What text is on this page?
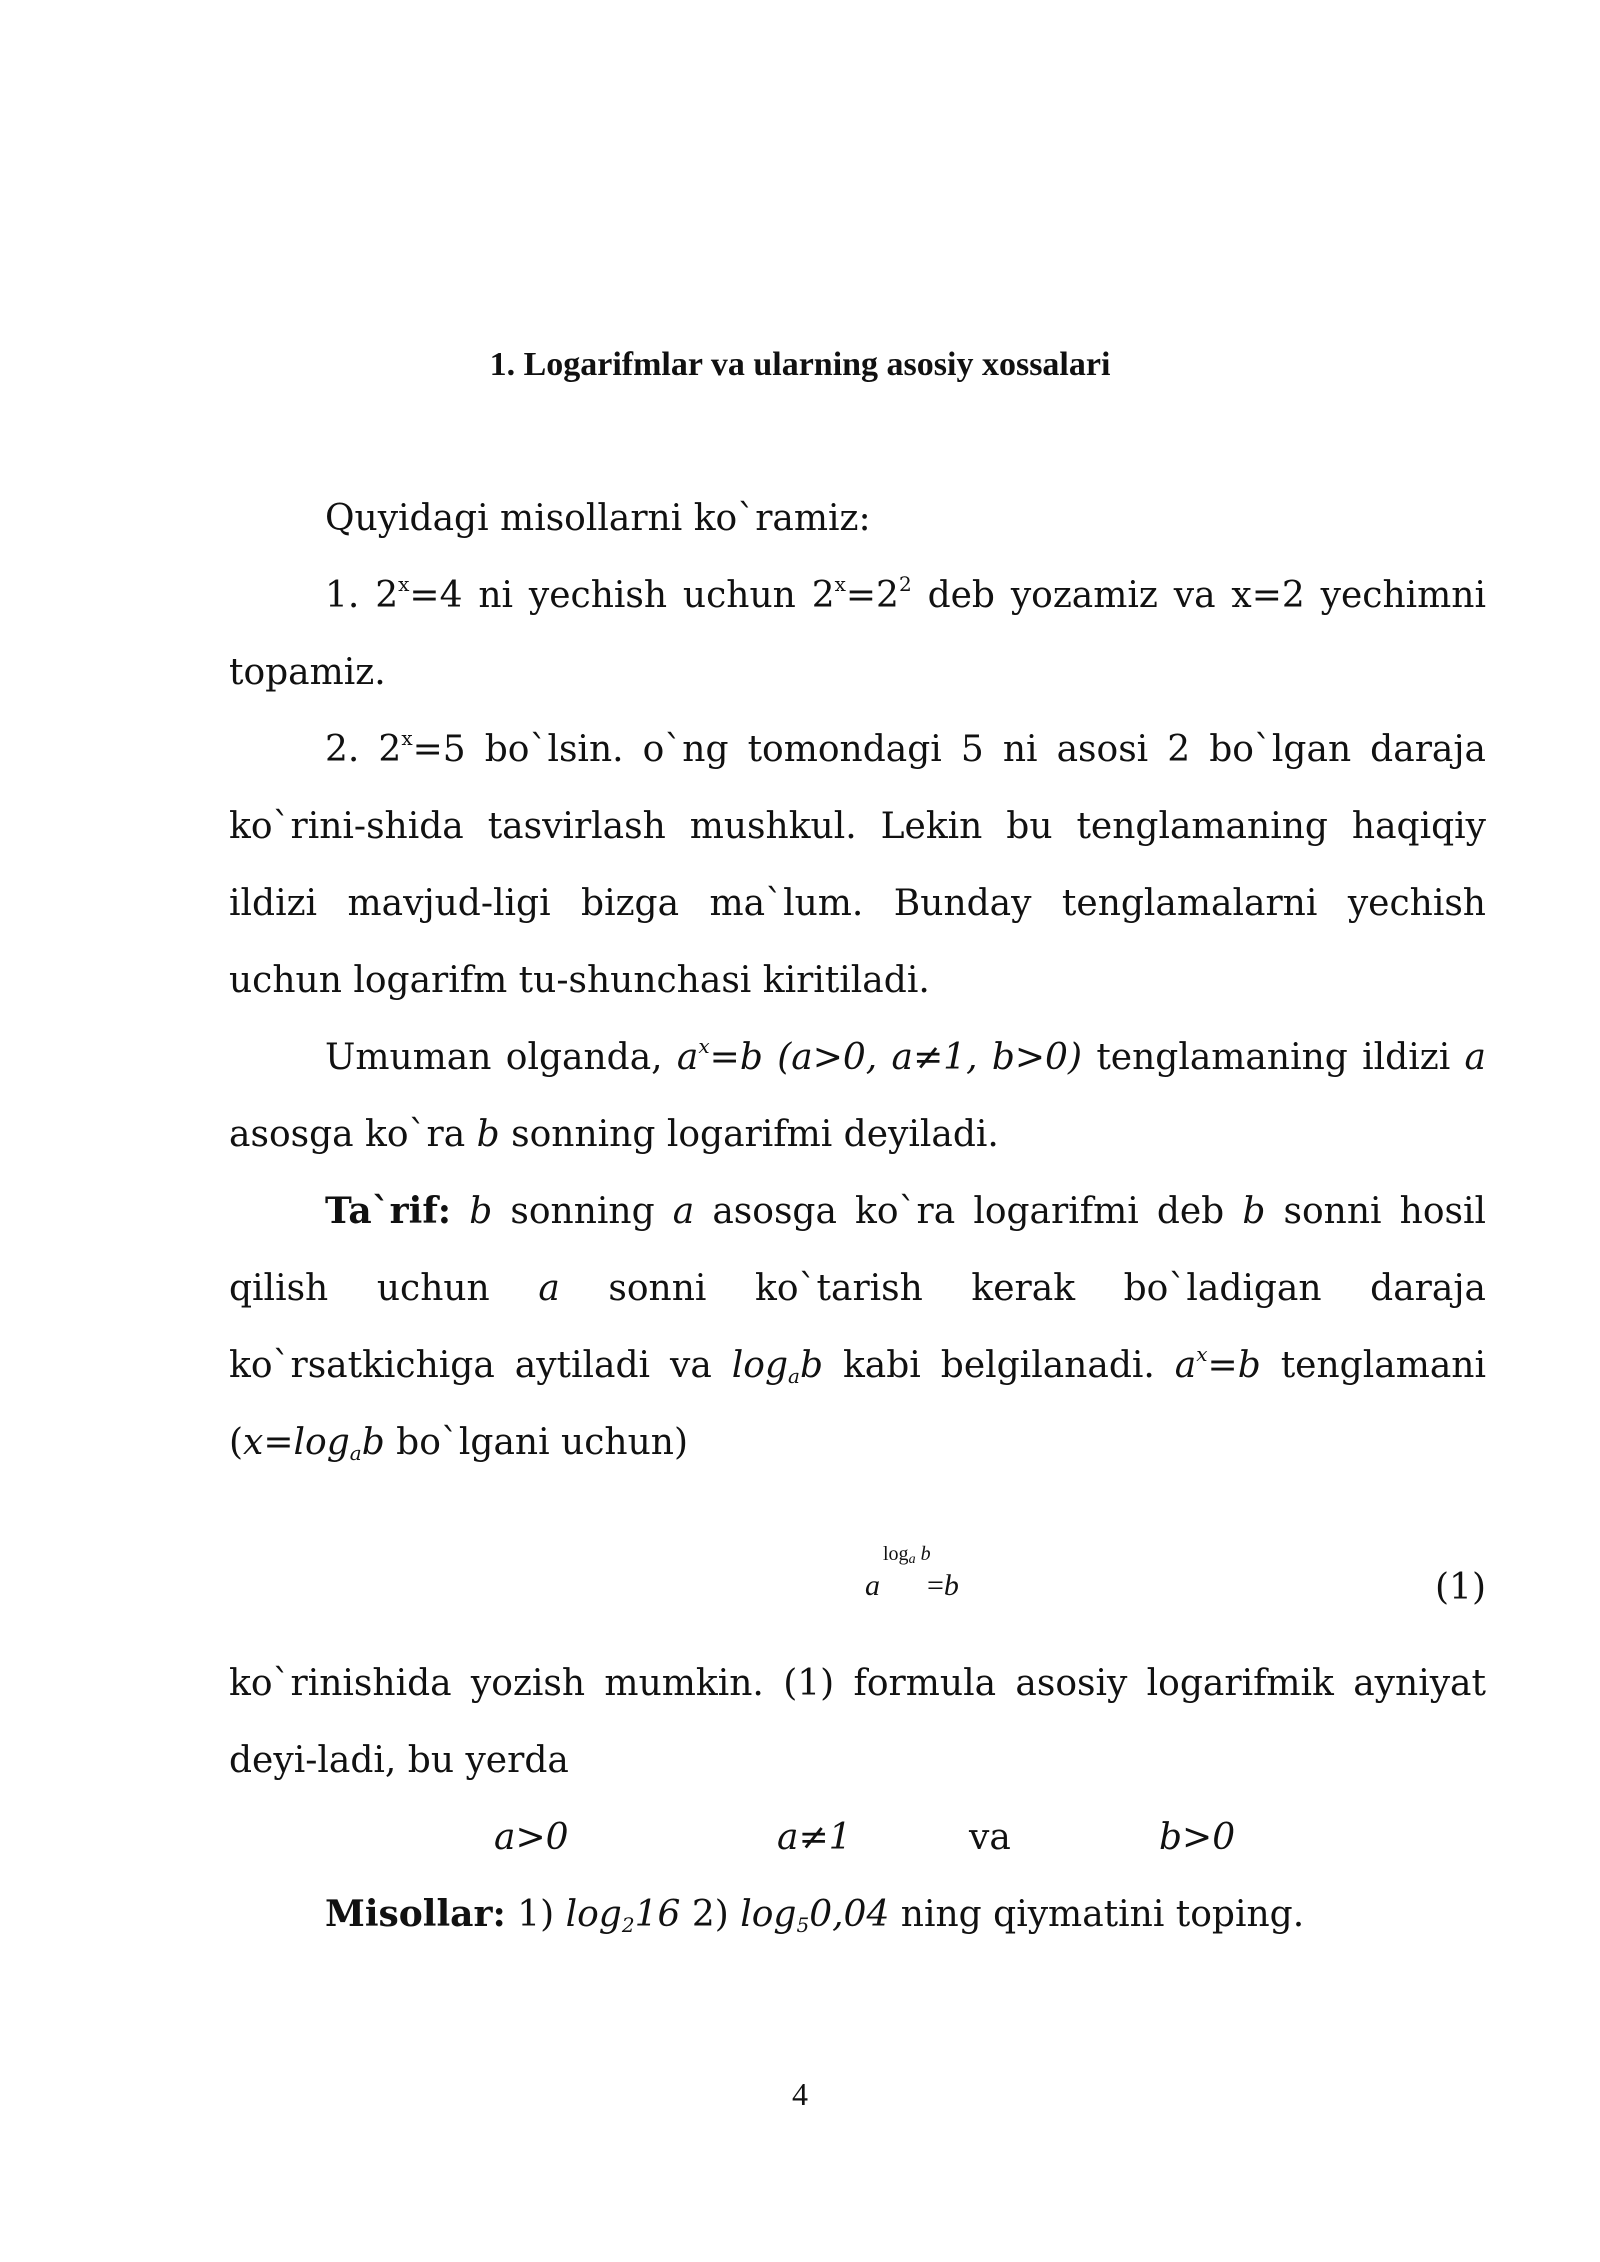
1. Logarifmlar va ularning asosiy xossalari

Quyidagi misollarni ko`ramiz:

1. $2^x=4$ ni yechish uchun $2^x=2^2$ deb yozamiz va x=2 yechimni topamiz.

2. $2^x=5$ bo`lsin. o`ng tomondagi 5 ni asosi 2 bo`lgan daraja ko`rini-shida tasvirlash mushkul. Lekin bu tenglamaning haqiqiy ildizi mavjud-ligi bizga ma`lum. Bunday tenglamalarni yechish uchun logarifm tu-shunchasi kiritiladi.

Umuman olganda, $a^x=b$ (a>0, a≠1, b>0) tenglamaning ildizi a asosga ko`ra b sonning logarifmi deyiladi.

Ta`rif: b sonning a asosga ko`ra logarifmi deb b sonni hosil qilish uchun a sonni ko`tarish kerak bo`ladigan daraja ko`rsatkichiga aytiladi va $\log_ab$ kabi belgilanadi. $a^x=b$ tenglamani ($x=\log_ab$ bo`lgani uchun)

a
$\log_a b$
=b	(1)

ko`rinishida yozish mumkin. (1) formula asosiy logarifmik ayniyat deyi-ladi, bu yerda

a>0	a≠1	va	b>0

Misollar: 1) $\log_216$ 2) $\log_50,04$ ning qiymatini toping.

4
